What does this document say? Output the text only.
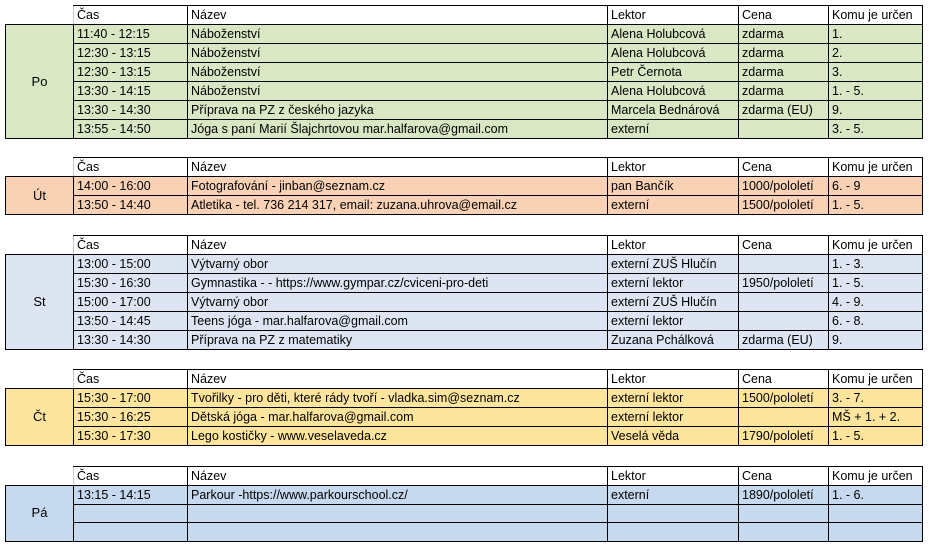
	Čas	Název	Lektor	Cena	Komu je určen
Po	11:40 - 12:15	Náboženství	Alena Holubcová	zdarma	1.
	12:30 - 13:15	Náboženství	Alena Holubcová	zdarma	2.
	12:30 - 13:15	Náboženství	Petr Černota	zdarma	3.
	13:30 - 14:15	Náboženství	Alena Holubcová	zdarma	1. - 5.
	13:30 - 14:30	Příprava na PZ z českého jazyka	Marcela Bednárová	zdarma (EU)	9.
	13:55 - 14:50	Jóga s paní Marií Šlajchrtovou mar.halfarova@gmail.com	externí		3. - 5.
	Čas	Název	Lektor	Cena	Komu je určen
Út	14:00 - 16:00	Fotografování - jinban@seznam.cz	pan Bančík	1000/pololetí	6. - 9
	13:50 - 14:40	Atletika - tel. 736 214 317, email: zuzana.uhrova@email.cz	externí	1500/pololetí	1. - 5.
	Čas	Název	Lektor	Cena	Komu je určen
St	13:00 - 15:00	Výtvarný obor	externí ZUŠ Hlučín		1. - 3.
	15:30 - 16:30	Gymnastika - - https://www.gympar.cz/cviceni-pro-deti	externí lektor	1950/pololetí	1. - 5.
	15:00 - 17:00	Výtvarný obor	externí ZUŠ Hlučín		4. - 9.
	13:50 - 14:45	Teens jóga - mar.halfarova@gmail.com	externí lektor		6. - 8.
	13:30 - 14:30	Příprava na PZ z matematiky	Zuzana Pchálková	zdarma (EU)	9.
	Čas	Název	Lektor	Cena	Komu je určen
Čt	15:30 - 17:00	Tvořilky - pro děti, které rády tvoří - vladka.sim@seznam.cz	externí lektor	1500/pololetí	3. - 7.
	15:30 - 16:25	Dětská jóga - mar.halfarova@gmail.com	externí lektor		MŠ + 1. + 2.
	15:30 - 17:30	Lego kostičky - www.veselaveda.cz	Veselá věda	1790/pololetí	1. - 5.
	Čas	Název	Lektor	Cena	Komu je určen
Pá	13:15 - 14:15	Parkour -https://www.parkourschool.cz/	externí	1890/pololetí	1. - 6.
